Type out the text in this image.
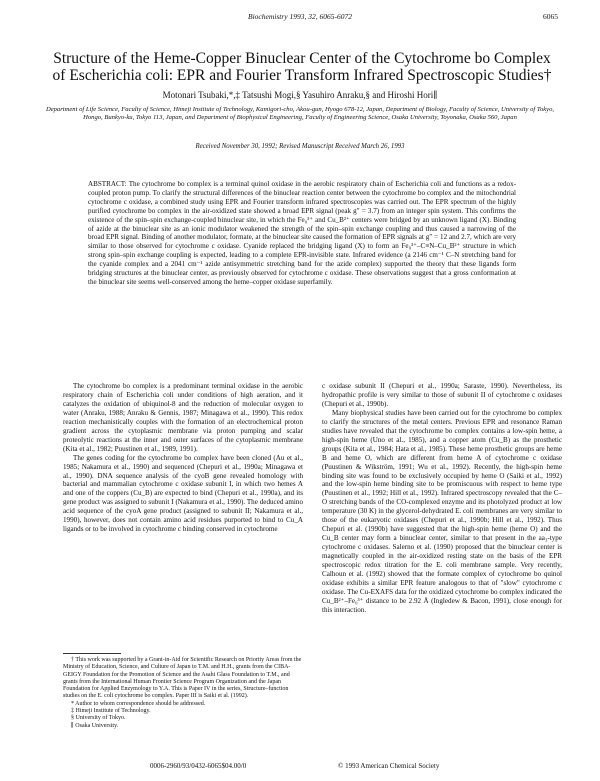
Biochemistry 1993, 32, 6065-6072	6065
Structure of the Heme-Copper Binuclear Center of the Cytochrome bo Complex of Escherichia coli: EPR and Fourier Transform Infrared Spectroscopic Studies†
Motonari Tsubaki,*,‡ Tatsushi Mogi,§ Yasuhiro Anraku,§ and Hiroshi Hori∥
Department of Life Science, Faculty of Science, Himeji Institute of Technology, Kamigori-cho, Akou-gun, Hyogo 678-12, Japan, Department of Biology, Faculty of Science, University of Tokyo, Hongo, Bunkyo-ku, Tokyo 113, Japan, and Department of Biophysical Engineering, Faculty of Engineering Science, Osaka University, Toyonaka, Osaka 560, Japan
Received November 30, 1992; Revised Manuscript Received March 26, 1993

ABSTRACT: The cytochrome bo complex is a terminal quinol oxidase in the aerobic respiratory chain of Escherichia coli and functions as a redox-coupled proton pump. To clarify the structural differences of the binuclear reaction center between the cytochrome bo complex and the mitochondrial cytochrome c oxidase, a combined study using EPR and Fourier transform infrared spectroscopies was carried out. The EPR spectrum of the highly purified cytochrome bo complex in the air-oxidized state showed a broad EPR signal (peak g″ = 3.7) from an integer spin system. This confirms the existence of the spin–spin exchange-coupled binuclear site, in which the Fe₀³⁺ and Cu_B²⁺ centers were bridged by an unknown ligand (X). Binding of azide at the binuclear site as an ionic modulator weakened the strength of the spin–spin exchange coupling and thus caused a narrowing of the broad EPR signal. Binding of another modulator, formate, at the binuclear site caused the formation of EPR signals at g″ = 12 and 2.7, which are very similar to those observed for cytochrome c oxidase. Cyanide replaced the bridging ligand (X) to form an Fe₀³⁺–C≡N–Cu_B²⁺ structure in which strong spin–spin exchange coupling is expected, leading to a complete EPR-invisible state. Infrared evidence (a 2146 cm⁻¹ C–N stretching band for the cyanide complex and a 2041 cm⁻¹ azide antisymmetric stretching band for the azide complex) supported the theory that these ligands form bridging structures at the binuclear center, as previously observed for cytochrome c oxidase. These observations suggest that a gross conformation at the binuclear site seems well-conserved among the heme–copper oxidase superfamily.

The cytochrome bo complex is a predominant terminal oxidase in the aerobic respiratory chain of Escherichia coli under conditions of high aeration, and it catalyzes the oxidation of ubiquinol-8 and the reduction of molecular oxygen to water (Anraku, 1988; Anraku & Gennis, 1987; Minagawa et al., 1990). This redox reaction mechanistically couples with the formation of an electrochemical proton gradient across the cytoplasmic membrane via proton pumping and scalar proteolytic reactions at the inner and outer surfaces of the cytoplasmic membrane (Kita et al., 1982; Puustinen et al., 1989, 1991).

The genes coding for the cytochrome bo complex have been cloned (Au et al., 1985; Nakamura et al., 1990) and sequenced (Chepuri et al., 1990a; Minagawa et al., 1990). DNA sequence analysis of the cyoB gene revealed homology with bacterial and mammalian cytochrome c oxidase subunit I, in which two hemes A and one of the coppers (Cu_B) are expected to bind (Chepuri et al., 1990a), and its gene product was assigned to subunit I (Nakamura et al., 1990). The deduced amino acid sequence of the cyoA gene product (assigned to subunit II; Nakamura et al., 1990), however, does not contain amino acid residues purported to bind to Cu_A ligands or to be involved in cytochrome c binding conserved in cytochrome

† This work was supported by a Grant-in-Aid for Scientific Research on Priority Areas from the Ministry of Education, Science, and Culture of Japan to T.M. and H.H., grants from the CIBA-GEIGY Foundation for the Promotion of Science and the Asahi Glass Foundation to T.M., and grants from the International Human Frontier Science Program Organization and the Japan Foundation for Applied Enzymology to Y.A. This is Paper IV in the series, Structure–function studies on the E. coli cytochrome bo complex. Paper III is Saiki et al. (1992).

* Author to whom correspondence should be addressed.

‡ Himeji Institute of Technology.

§ University of Tokyo.

∥ Osaka University.

c oxidase subunit II (Chepuri et al., 1990a; Saraste, 1990). Nevertheless, its hydropathic profile is very similar to those of subunit II of cytochrome c oxidases (Chepuri et al., 1990b).

Many biophysical studies have been carried out for the cytochrome bo complex to clarify the structures of the metal centers. Previous EPR and resonance Raman studies have revealed that the cytochrome bo complex contains a low-spin heme, a high-spin heme (Uno et al., 1985), and a copper atom (Cu_B) as the prosthetic groups (Kita et al., 1984; Hata et al., 1985). These heme prosthetic groups are heme B and heme O, which are different from heme A of cytochrome c oxidase (Puustinen & Wikström, 1991; Wu et al., 1992). Recently, the high-spin heme binding site was found to be exclusively occupied by heme O (Saiki et al., 1992) and the low-spin heme binding site to be promiscuous with respect to heme type (Puustinen et al., 1992; Hill et al., 1992). Infrared spectroscopy revealed that the C–O stretching bands of the CO-complexed enzyme and its photolyzed product at low temperature (30 K) in the glycerol-dehydrated E. coli membranes are very similar to those of the eukaryotic oxidases (Chepuri et al., 1990b; Hill et al., 1992). Thus Chepuri et al. (1990b) have suggested that the high-spin heme (heme O) and the Cu_B center may form a binuclear center, similar to that present in the aa₃-type cytochrome c oxidases. Salerno et al. (1990) proposed that the binuclear center is magnetically coupled in the air-oxidized resting state on the basis of the EPR spectroscopic redox titration for the E. coli membrane sample. Very recently, Calhoun et al. (1992) showed that the formate complex of cytochrome bo quinol oxidase exhibits a similar EPR feature analogous to that of "slow" cytochrome c oxidase. The Cu-EXAFS data for the oxidized cytochrome bo complex indicated the Cu_B²⁺–Fe₀³⁺ distance to be 2.92 Å (Ingledew & Bacon, 1991), close enough for this interaction.

0006-2960/93/0432-6065$04.00/0	© 1993 American Chemical Society
